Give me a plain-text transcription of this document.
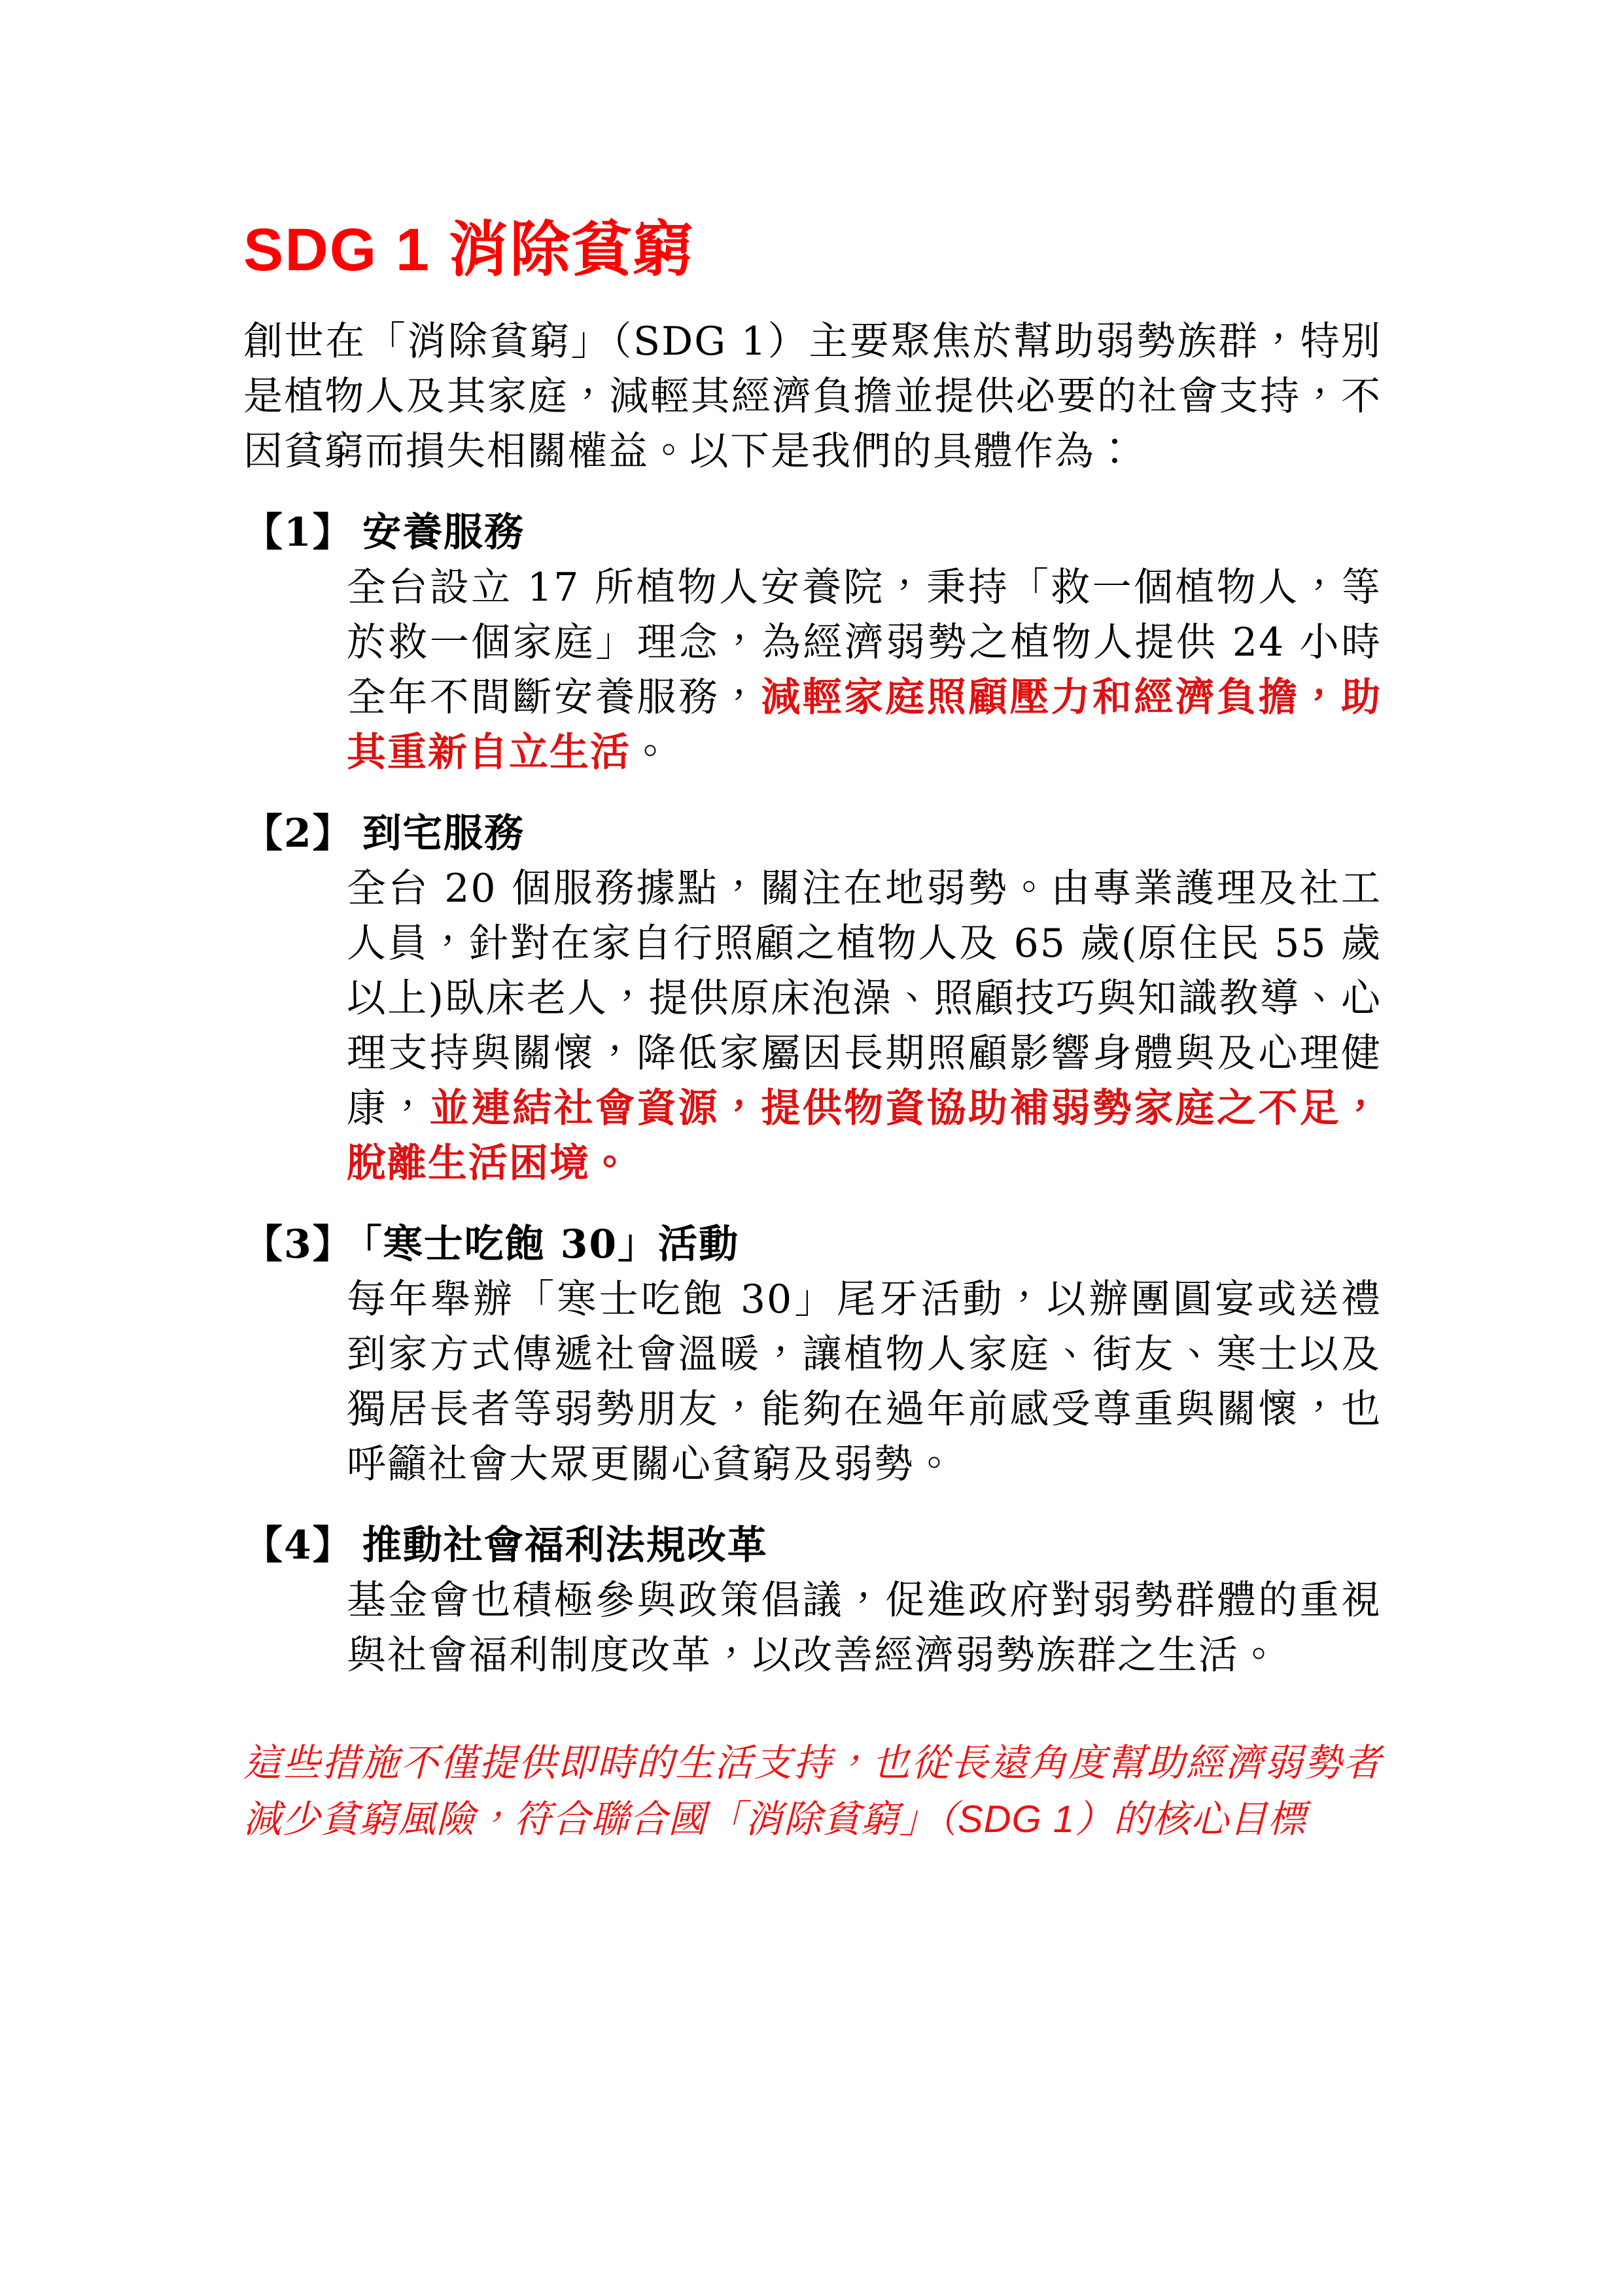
SDG 1 消除貧窮

創世在「消除貧窮」（SDG 1）主要聚焦於幫助弱勢族群，特別是植物人及其家庭，減輕其經濟負擔並提供必要的社會支持，不因貧窮而損失相關權益。以下是我們的具體作為：

【1】 安養服務

全台設立 17 所植物人安養院，秉持「救一個植物人，等於救一個家庭」理念，為經濟弱勢之植物人提供 24 小時全年不間斷安養服務，減輕家庭照顧壓力和經濟負擔，助其重新自立生活。

【2】 到宅服務

全台 20 個服務據點，關注在地弱勢。由專業護理及社工人員，針對在家自行照顧之植物人及 65 歲(原住民 55 歲以上)臥床老人，提供原床泡澡、照顧技巧與知識教導、心理支持與關懷，降低家屬因長期照顧影響身體與及心理健康，並連結社會資源，提供物資協助補弱勢家庭之不足，脫離生活困境。

【3】 「寒士吃飽 30」活動

每年舉辦「寒士吃飽 30」尾牙活動，以辦團圓宴或送禮到家方式傳遞社會溫暖，讓植物人家庭、街友、寒士以及獨居長者等弱勢朋友，能夠在過年前感受尊重與關懷，也呼籲社會大眾更關心貧窮及弱勢。

【4】 推動社會福利法規改革

基金會也積極參與政策倡議，促進政府對弱勢群體的重視與社會福利制度改革，以改善經濟弱勢族群之生活。

這些措施不僅提供即時的生活支持，也從長遠角度幫助經濟弱勢者減少貧窮風險，符合聯合國「消除貧窮」（SDG 1）的核心目標
